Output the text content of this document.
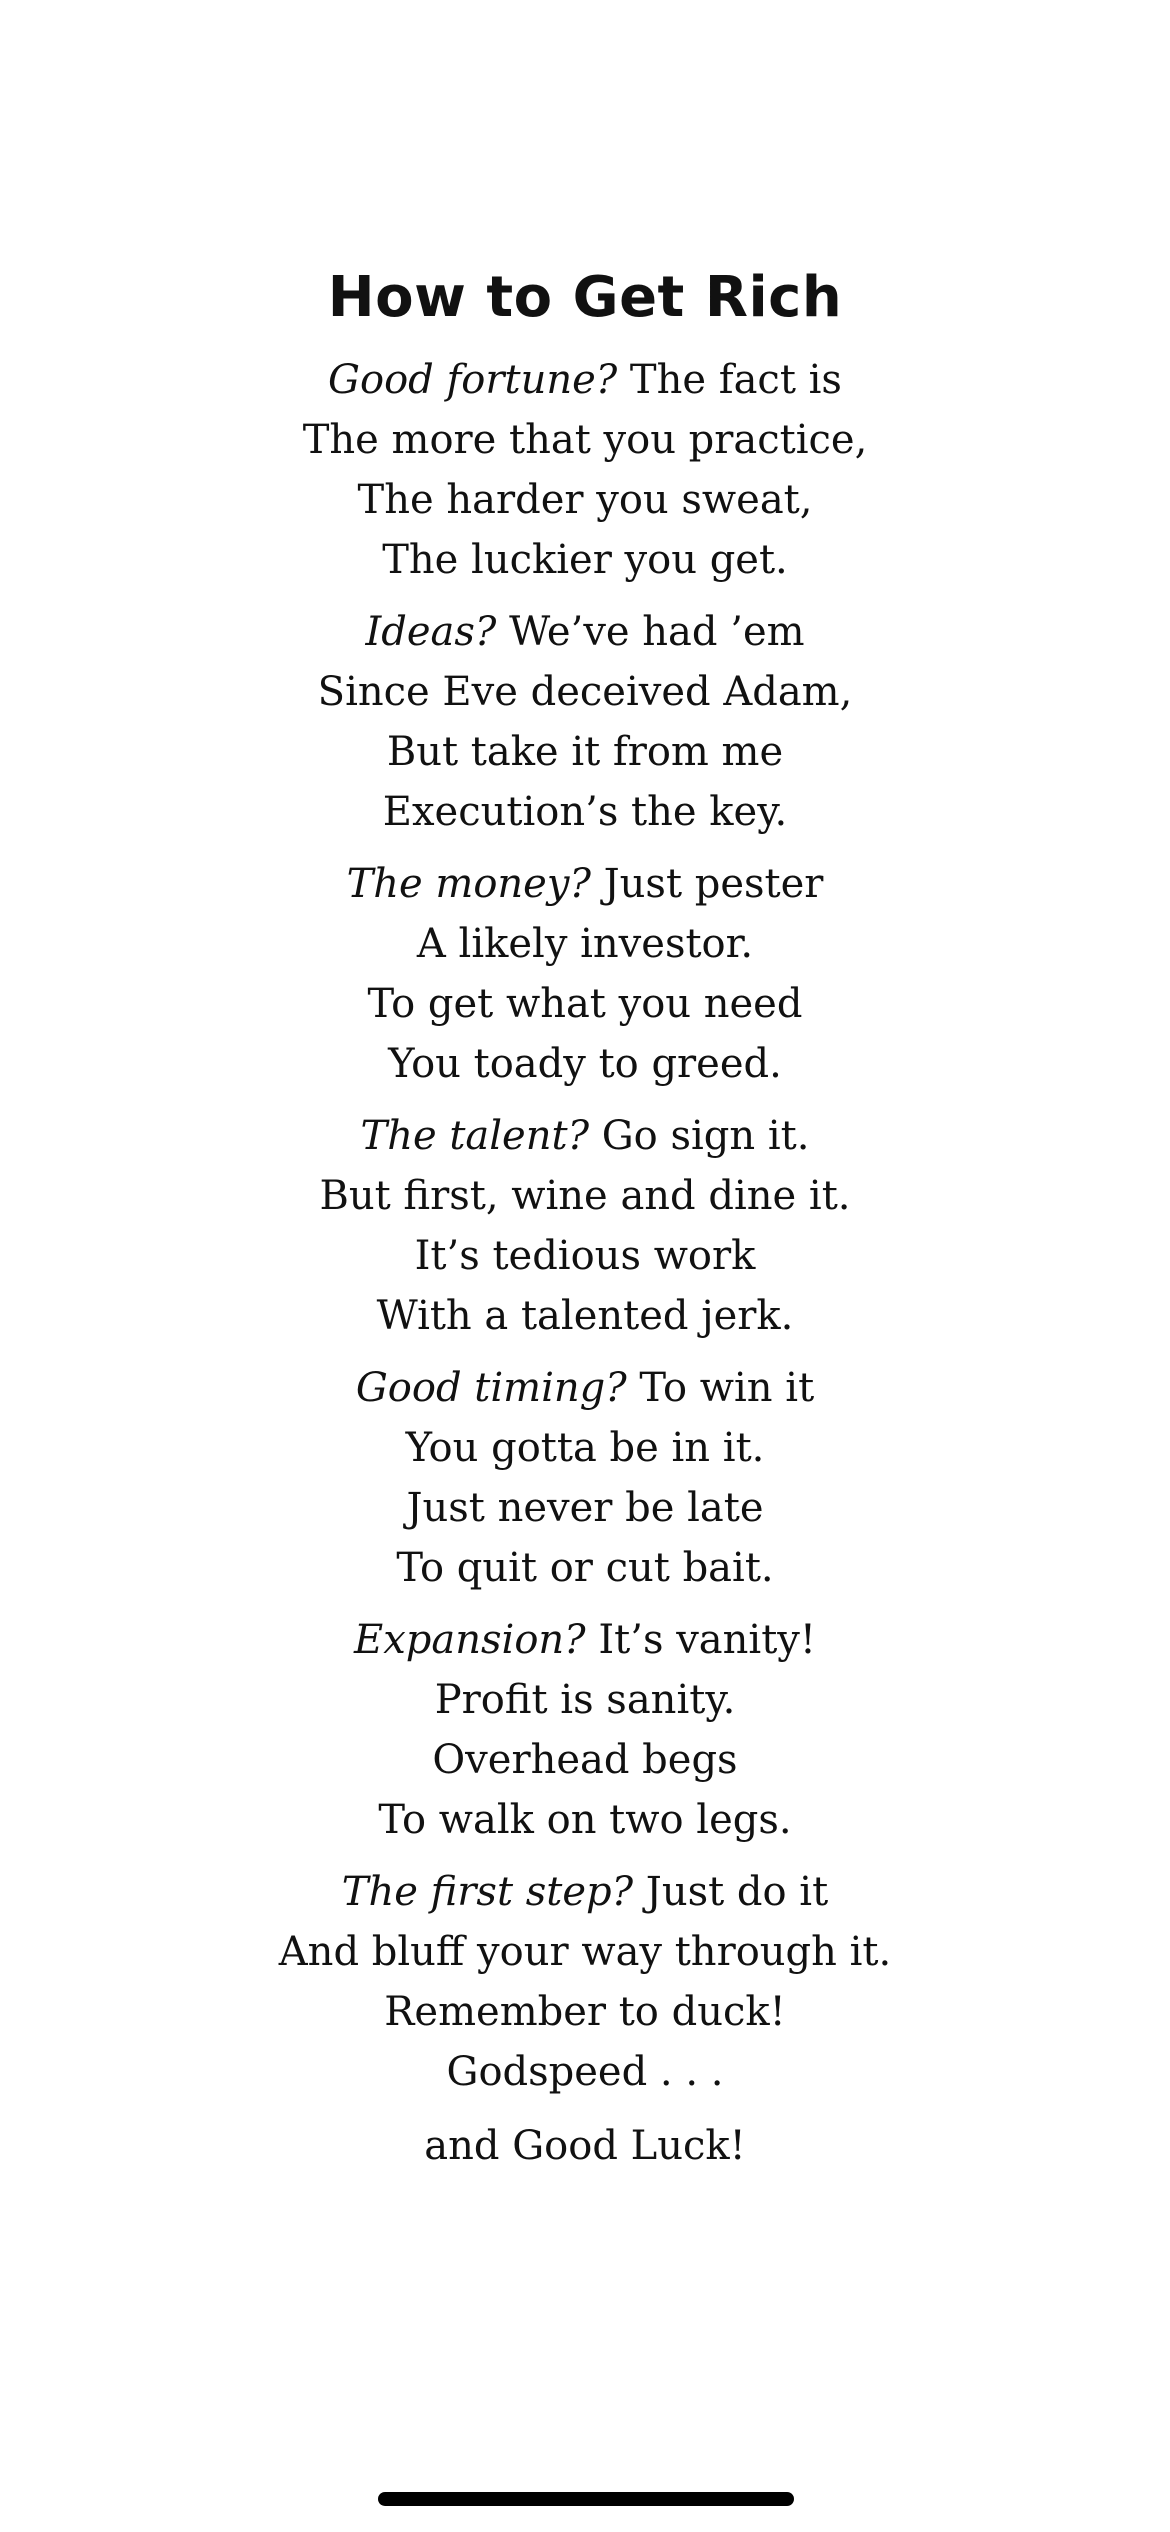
How to Get Rich
Good fortune? The fact is
The more that you practice,
The harder you sweat,
The luckier you get.
Ideas? We’ve had ’em
Since Eve deceived Adam,
But take it from me
Execution’s the key.
The money? Just pester
A likely investor.
To get what you need
You toady to greed.
The talent? Go sign it.
But first, wine and dine it.
It’s tedious work
With a talented jerk.
Good timing? To win it
You gotta be in it.
Just never be late
To quit or cut bait.
Expansion? It’s vanity!
Profit is sanity.
Overhead begs
To walk on two legs.
The first step? Just do it
And bluff your way through it.
Remember to duck!
Godspeed . . .
and Good Luck!
